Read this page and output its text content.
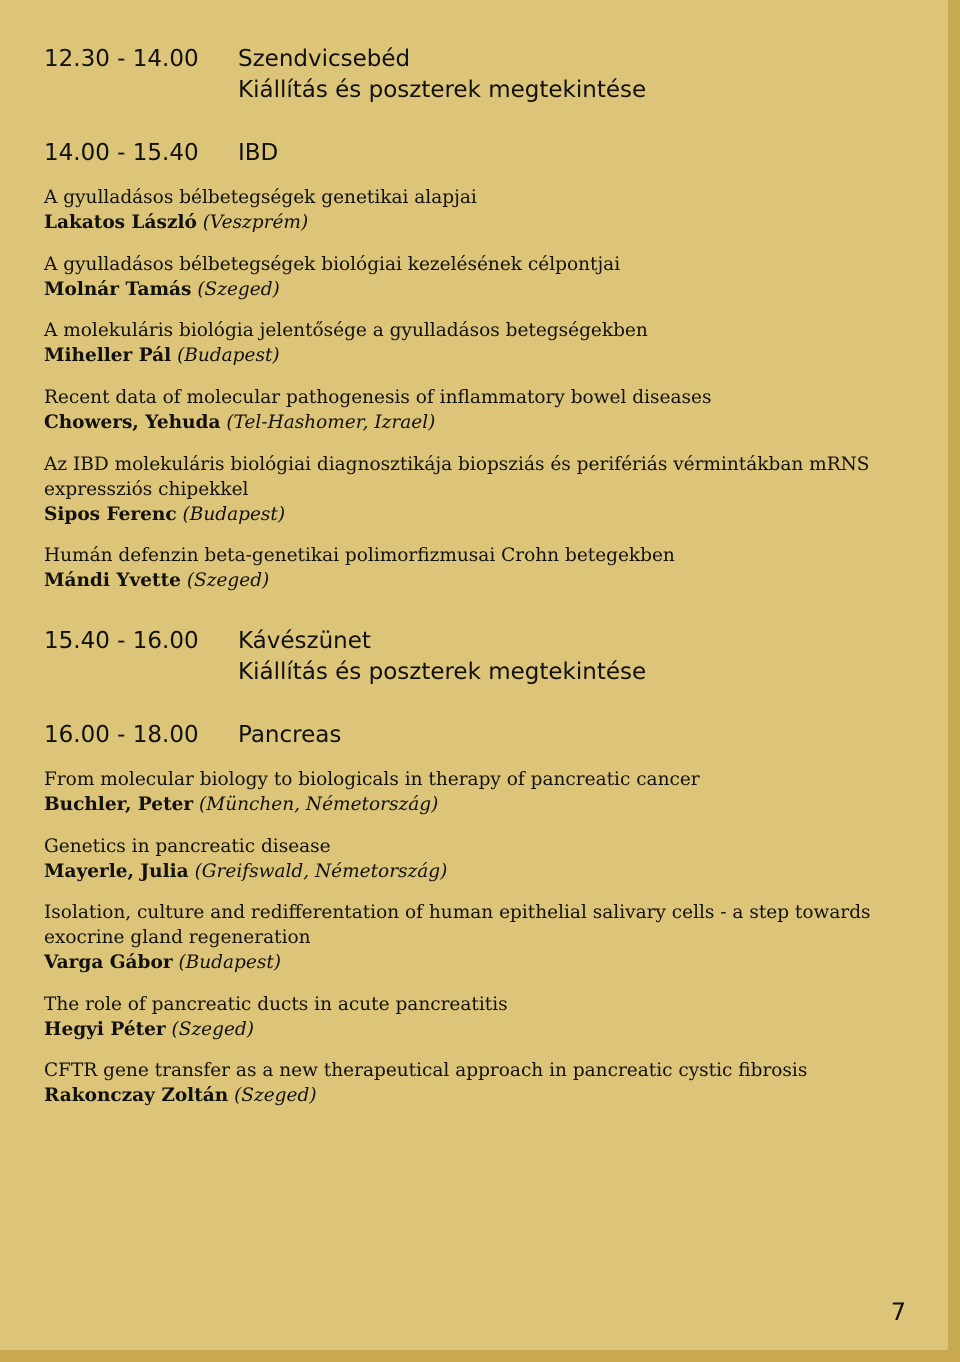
12.30 - 14.00	Szendvicsebéd
Kiállítás és poszterek megtekintése
14.00 - 15.40	IBD
A gyulladásos bélbetegségek genetikai alapjai
Lakatos László (Veszprém)
A gyulladásos bélbetegségek biológiai kezelésének célpontjai
Molnár Tamás (Szeged)
A molekuláris biológia jelentősége a gyulladásos betegségekben
Miheller Pál (Budapest)
Recent data of molecular pathogenesis of inflammatory bowel diseases
Chowers, Yehuda (Tel-Hashomer, Izrael)
Az IBD molekuláris biológiai diagnosztikája biopsziás és perifériás vérmintákban mRNS expressziós chipekkel
Sipos Ferenc (Budapest)
Humán defenzin beta-genetikai polimorfizmusai Crohn betegekben
Mándi Yvette (Szeged)
15.40 - 16.00	Kávészünet
Kiállítás és poszterek megtekintése
16.00 - 18.00	Pancreas
From molecular biology to biologicals in therapy of pancreatic cancer
Buchler, Peter (München, Németország)
Genetics in pancreatic disease
Mayerle, Julia (Greifswald, Németország)
Isolation, culture and redifferentation of human epithelial salivary cells - a step towards exocrine gland regeneration
Varga Gábor (Budapest)
The role of pancreatic ducts in acute pancreatitis
Hegyi Péter (Szeged)
CFTR gene transfer as a new therapeutical approach in pancreatic cystic fibrosis
Rakonczay Zoltán (Szeged)
7
